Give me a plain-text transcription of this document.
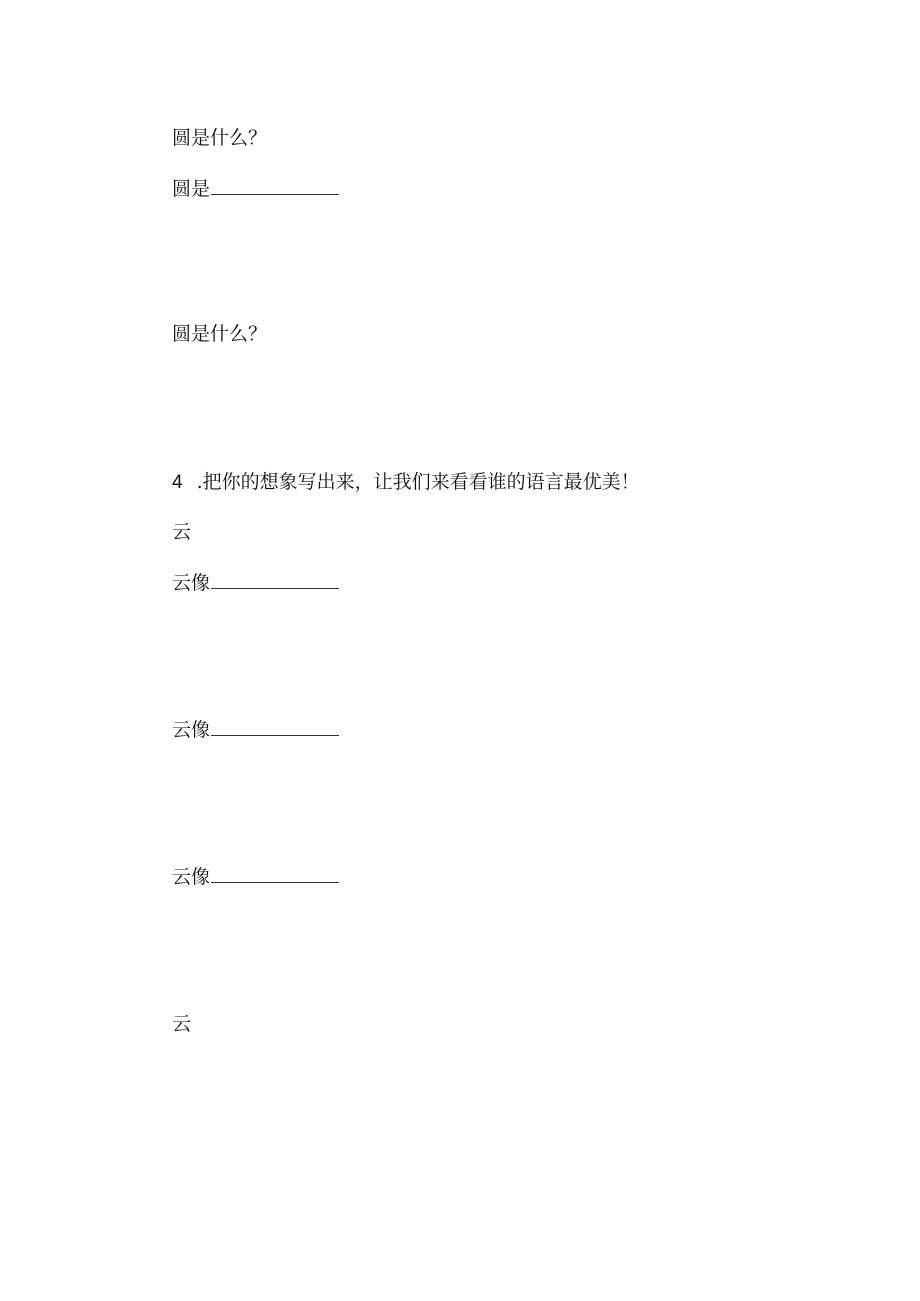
圆是什么？
圆是
圆是什么？
4 .把你的想象写出来，让我们来看看谁的语言最优美！
云
云像
云像
云像
云
